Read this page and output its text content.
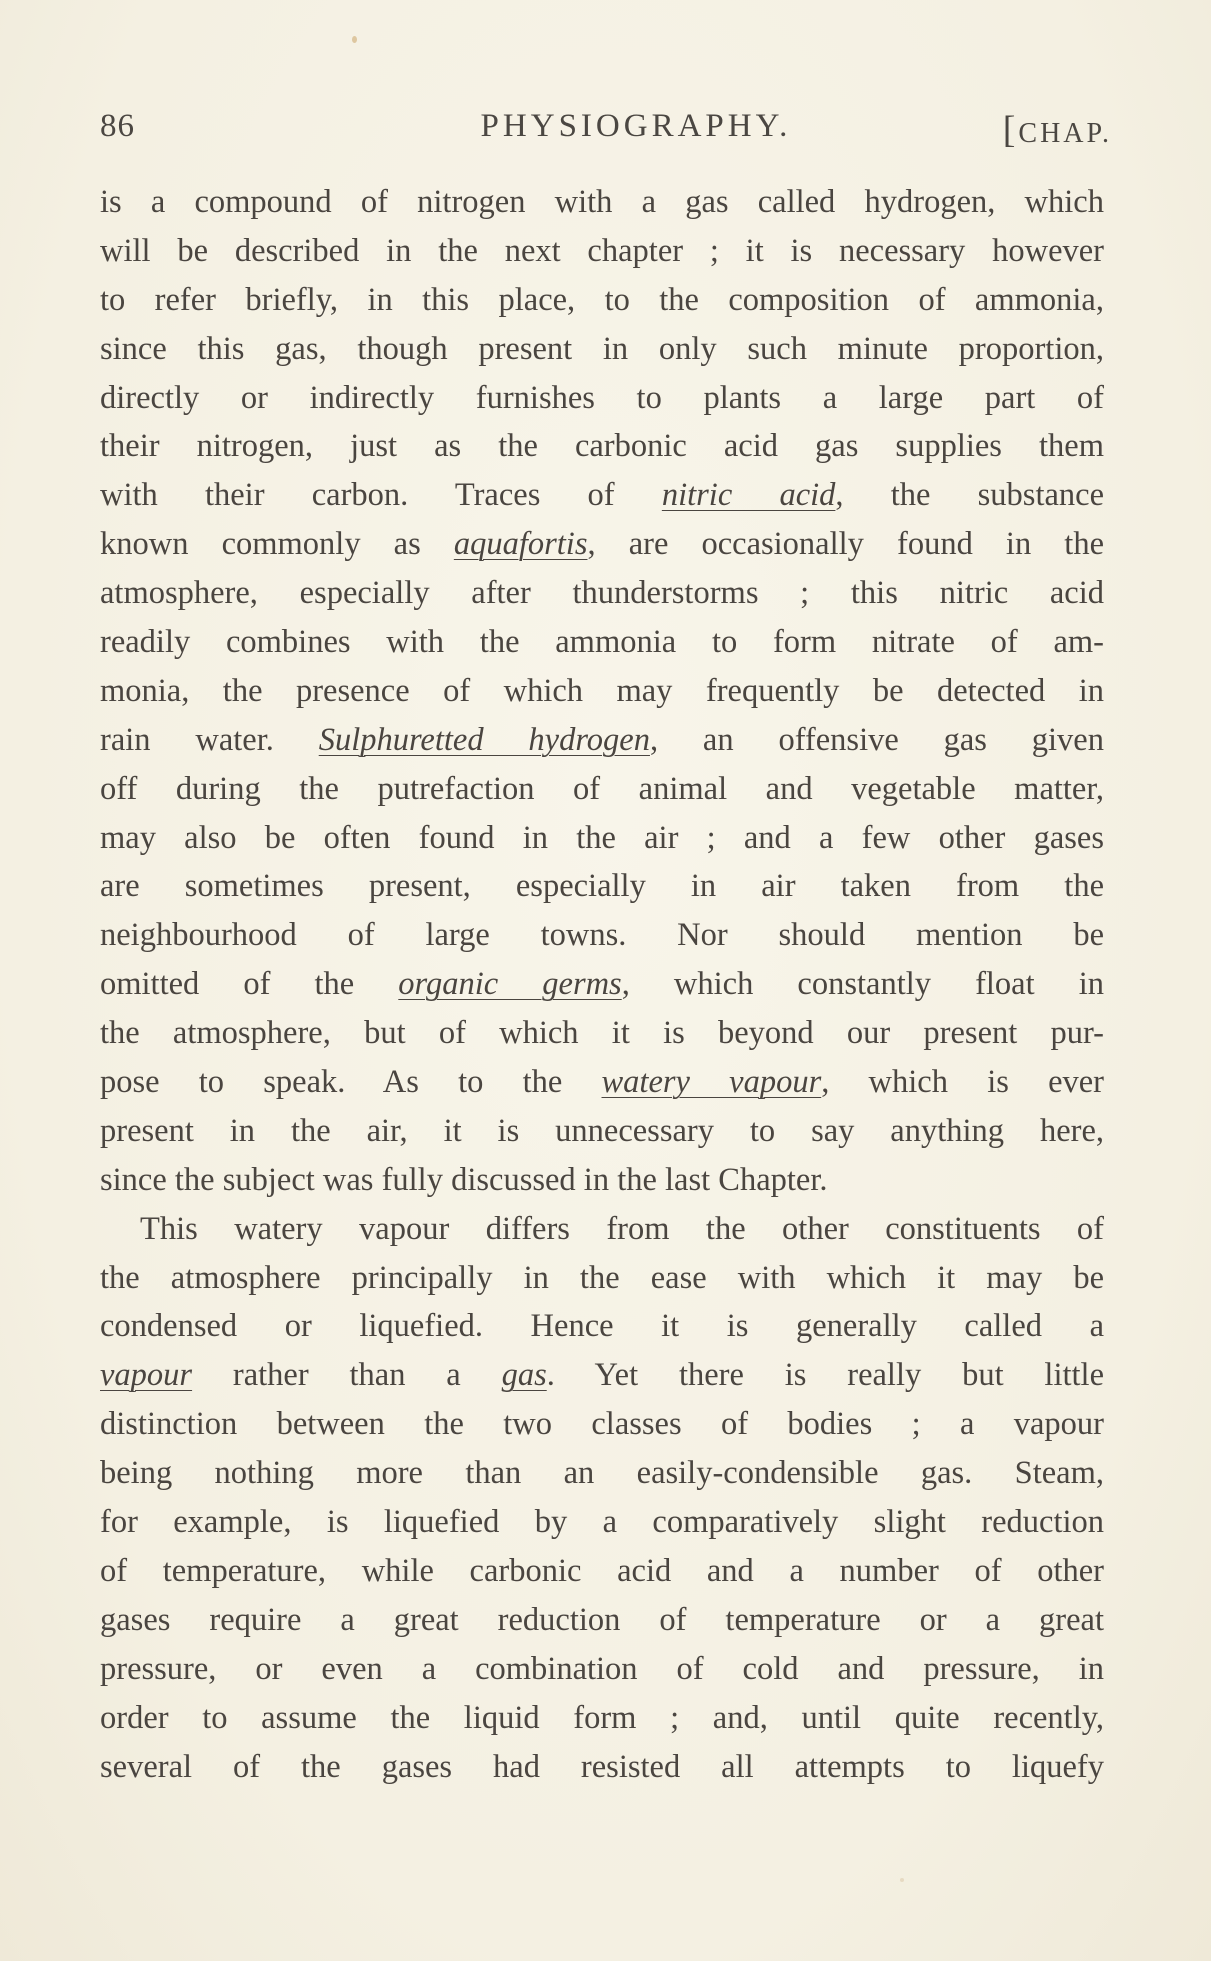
86	PHYSIOGRAPHY.	[CHAP.
is a compound of nitrogen with a gas called hydrogen, which
will be described in the next chapter ; it is necessary however
to refer briefly, in this place, to the composition of ammonia,
since this gas, though present in only such minute proportion,
directly or indirectly furnishes to plants a large part of
their nitrogen, just as the carbonic acid gas supplies them
with their carbon. Traces of nitric acid, the substance
known commonly as aquafortis, are occasionally found in the
atmosphere, especially after thunderstorms ; this nitric acid
readily combines with the ammonia to form nitrate of am-
monia, the presence of which may frequently be detected in
rain water. Sulphuretted hydrogen, an offensive gas given
off during the putrefaction of animal and vegetable matter,
may also be often found in the air ; and a few other gases
are sometimes present, especially in air taken from the
neighbourhood of large towns. Nor should mention be
omitted of the organic germs, which constantly float in
the atmosphere, but of which it is beyond our present pur-
pose to speak. As to the watery vapour, which is ever
present in the air, it is unnecessary to say anything here,
since the subject was fully discussed in the last Chapter.
This watery vapour differs from the other constituents of
the atmosphere principally in the ease with which it may be
condensed or liquefied. Hence it is generally called a
vapour rather than a gas. Yet there is really but little
distinction between the two classes of bodies ; a vapour
being nothing more than an easily-condensible gas. Steam,
for example, is liquefied by a comparatively slight reduction
of temperature, while carbonic acid and a number of other
gases require a great reduction of temperature or a great
pressure, or even a combination of cold and pressure, in
order to assume the liquid form ; and, until quite recently,
several of the gases had resisted all attempts to liquefy
